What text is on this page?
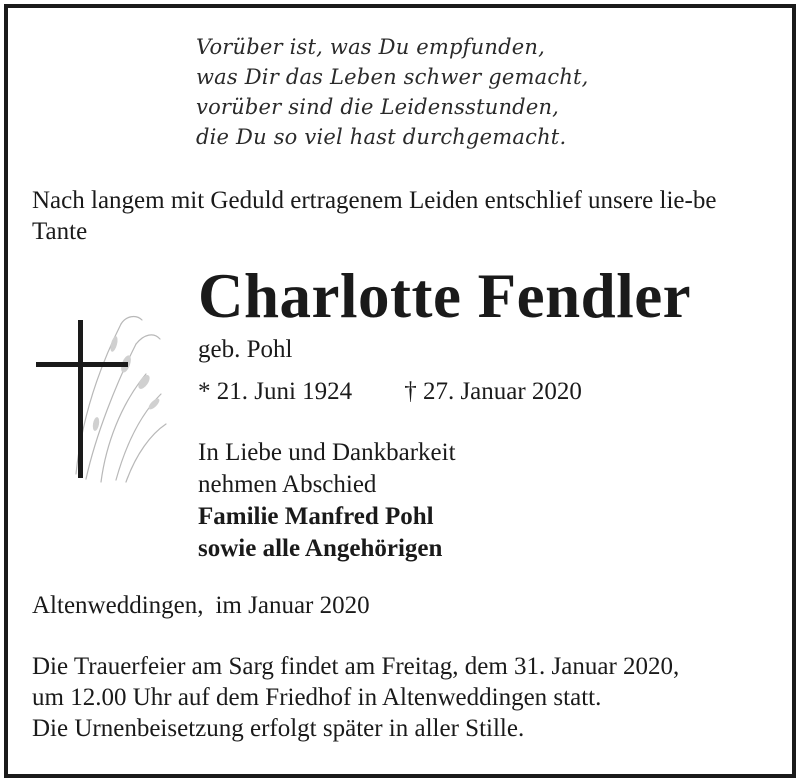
Vorüber ist, was Du empfunden,
was Dir das Leben schwer gemacht,
vorüber sind die Leidensstunden,
die Du so viel hast durchgemacht.
Nach langem mit Geduld ertragenem Leiden entschlief unsere lie-be Tante
Charlotte Fendler
geb. Pohl
* 21. Juni 1924 † 27. Januar 2020
In Liebe und Dankbarkeit
nehmen Abschied
Familie Manfred Pohl
sowie alle Angehörigen
Altenweddingen, im Januar 2020
Die Trauerfeier am Sarg findet am Freitag, dem 31. Januar 2020,
um 12.00 Uhr auf dem Friedhof in Altenweddingen statt.
Die Urnenbeisetzung erfolgt später in aller Stille.
